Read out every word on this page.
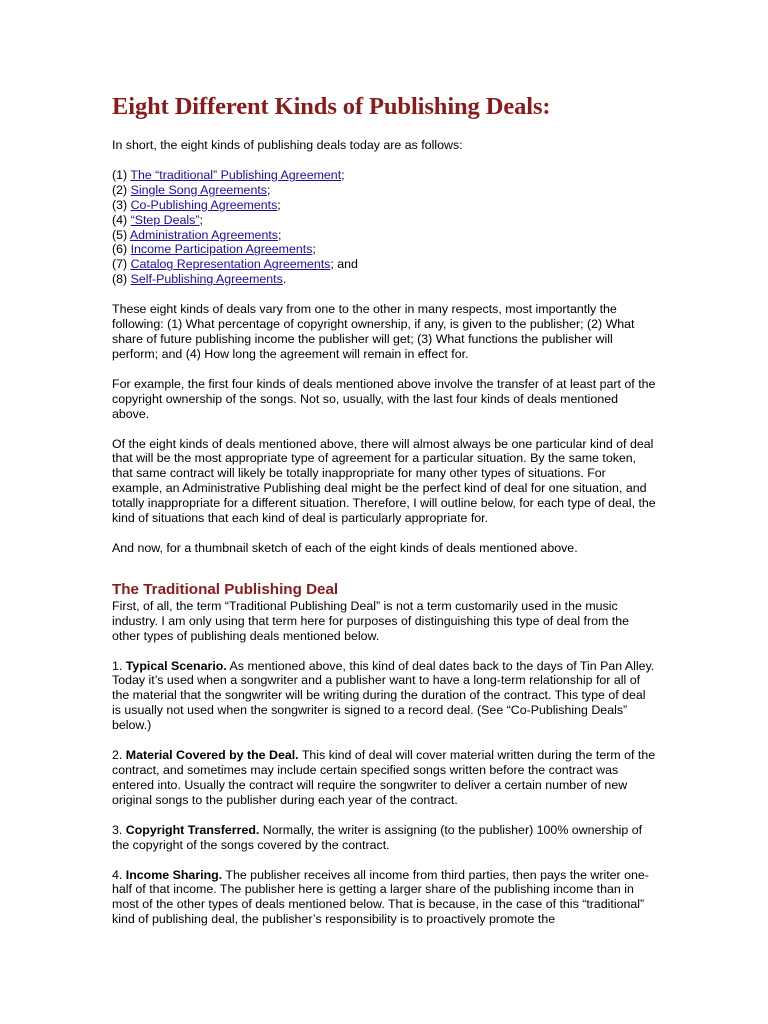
Eight Different Kinds of Publishing Deals:

In short, the eight kinds of publishing deals today are as follows:

(1) The “traditional” Publishing Agreement;
(2) Single Song Agreements;
(3) Co-Publishing Agreements;
(4) “Step Deals”;
(5) Administration Agreements;
(6) Income Participation Agreements;
(7) Catalog Representation Agreements; and
(8) Self-Publishing Agreements.

These eight kinds of deals vary from one to the other in many respects, most importantly the following: (1) What percentage of copyright ownership, if any, is given to the publisher; (2) What share of future publishing income the publisher will get; (3) What functions the publisher will perform; and (4) How long the agreement will remain in effect for.

For example, the first four kinds of deals mentioned above involve the transfer of at least part of the copyright ownership of the songs. Not so, usually, with the last four kinds of deals mentioned above.

Of the eight kinds of deals mentioned above, there will almost always be one particular kind of deal that will be the most appropriate type of agreement for a particular situation. By the same token, that same contract will likely be totally inappropriate for many other types of situations. For example, an Administrative Publishing deal might be the perfect kind of deal for one situation, and totally inappropriate for a different situation. Therefore, I will outline below, for each type of deal, the kind of situations that each kind of deal is particularly appropriate for.

And now, for a thumbnail sketch of each of the eight kinds of deals mentioned above.

The Traditional Publishing Deal

First, of all, the term “Traditional Publishing Deal” is not a term customarily used in the music industry. I am only using that term here for purposes of distinguishing this type of deal from the other types of publishing deals mentioned below.

1. Typical Scenario. As mentioned above, this kind of deal dates back to the days of Tin Pan Alley. Today it’s used when a songwriter and a publisher want to have a long-term relationship for all of the material that the songwriter will be writing during the duration of the contract. This type of deal is usually not used when the songwriter is signed to a record deal. (See “Co-Publishing Deals” below.)

2. Material Covered by the Deal. This kind of deal will cover material written during the term of the contract, and sometimes may include certain specified songs written before the contract was entered into. Usually the contract will require the songwriter to deliver a certain number of new original songs to the publisher during each year of the contract.

3. Copyright Transferred. Normally, the writer is assigning (to the publisher) 100% ownership of the copyright of the songs covered by the contract.

4. Income Sharing. The publisher receives all income from third parties, then pays the writer one-half of that income. The publisher here is getting a larger share of the publishing income than in most of the other types of deals mentioned below. That is because, in the case of this “traditional” kind of publishing deal, the publisher’s responsibility is to proactively promote the
